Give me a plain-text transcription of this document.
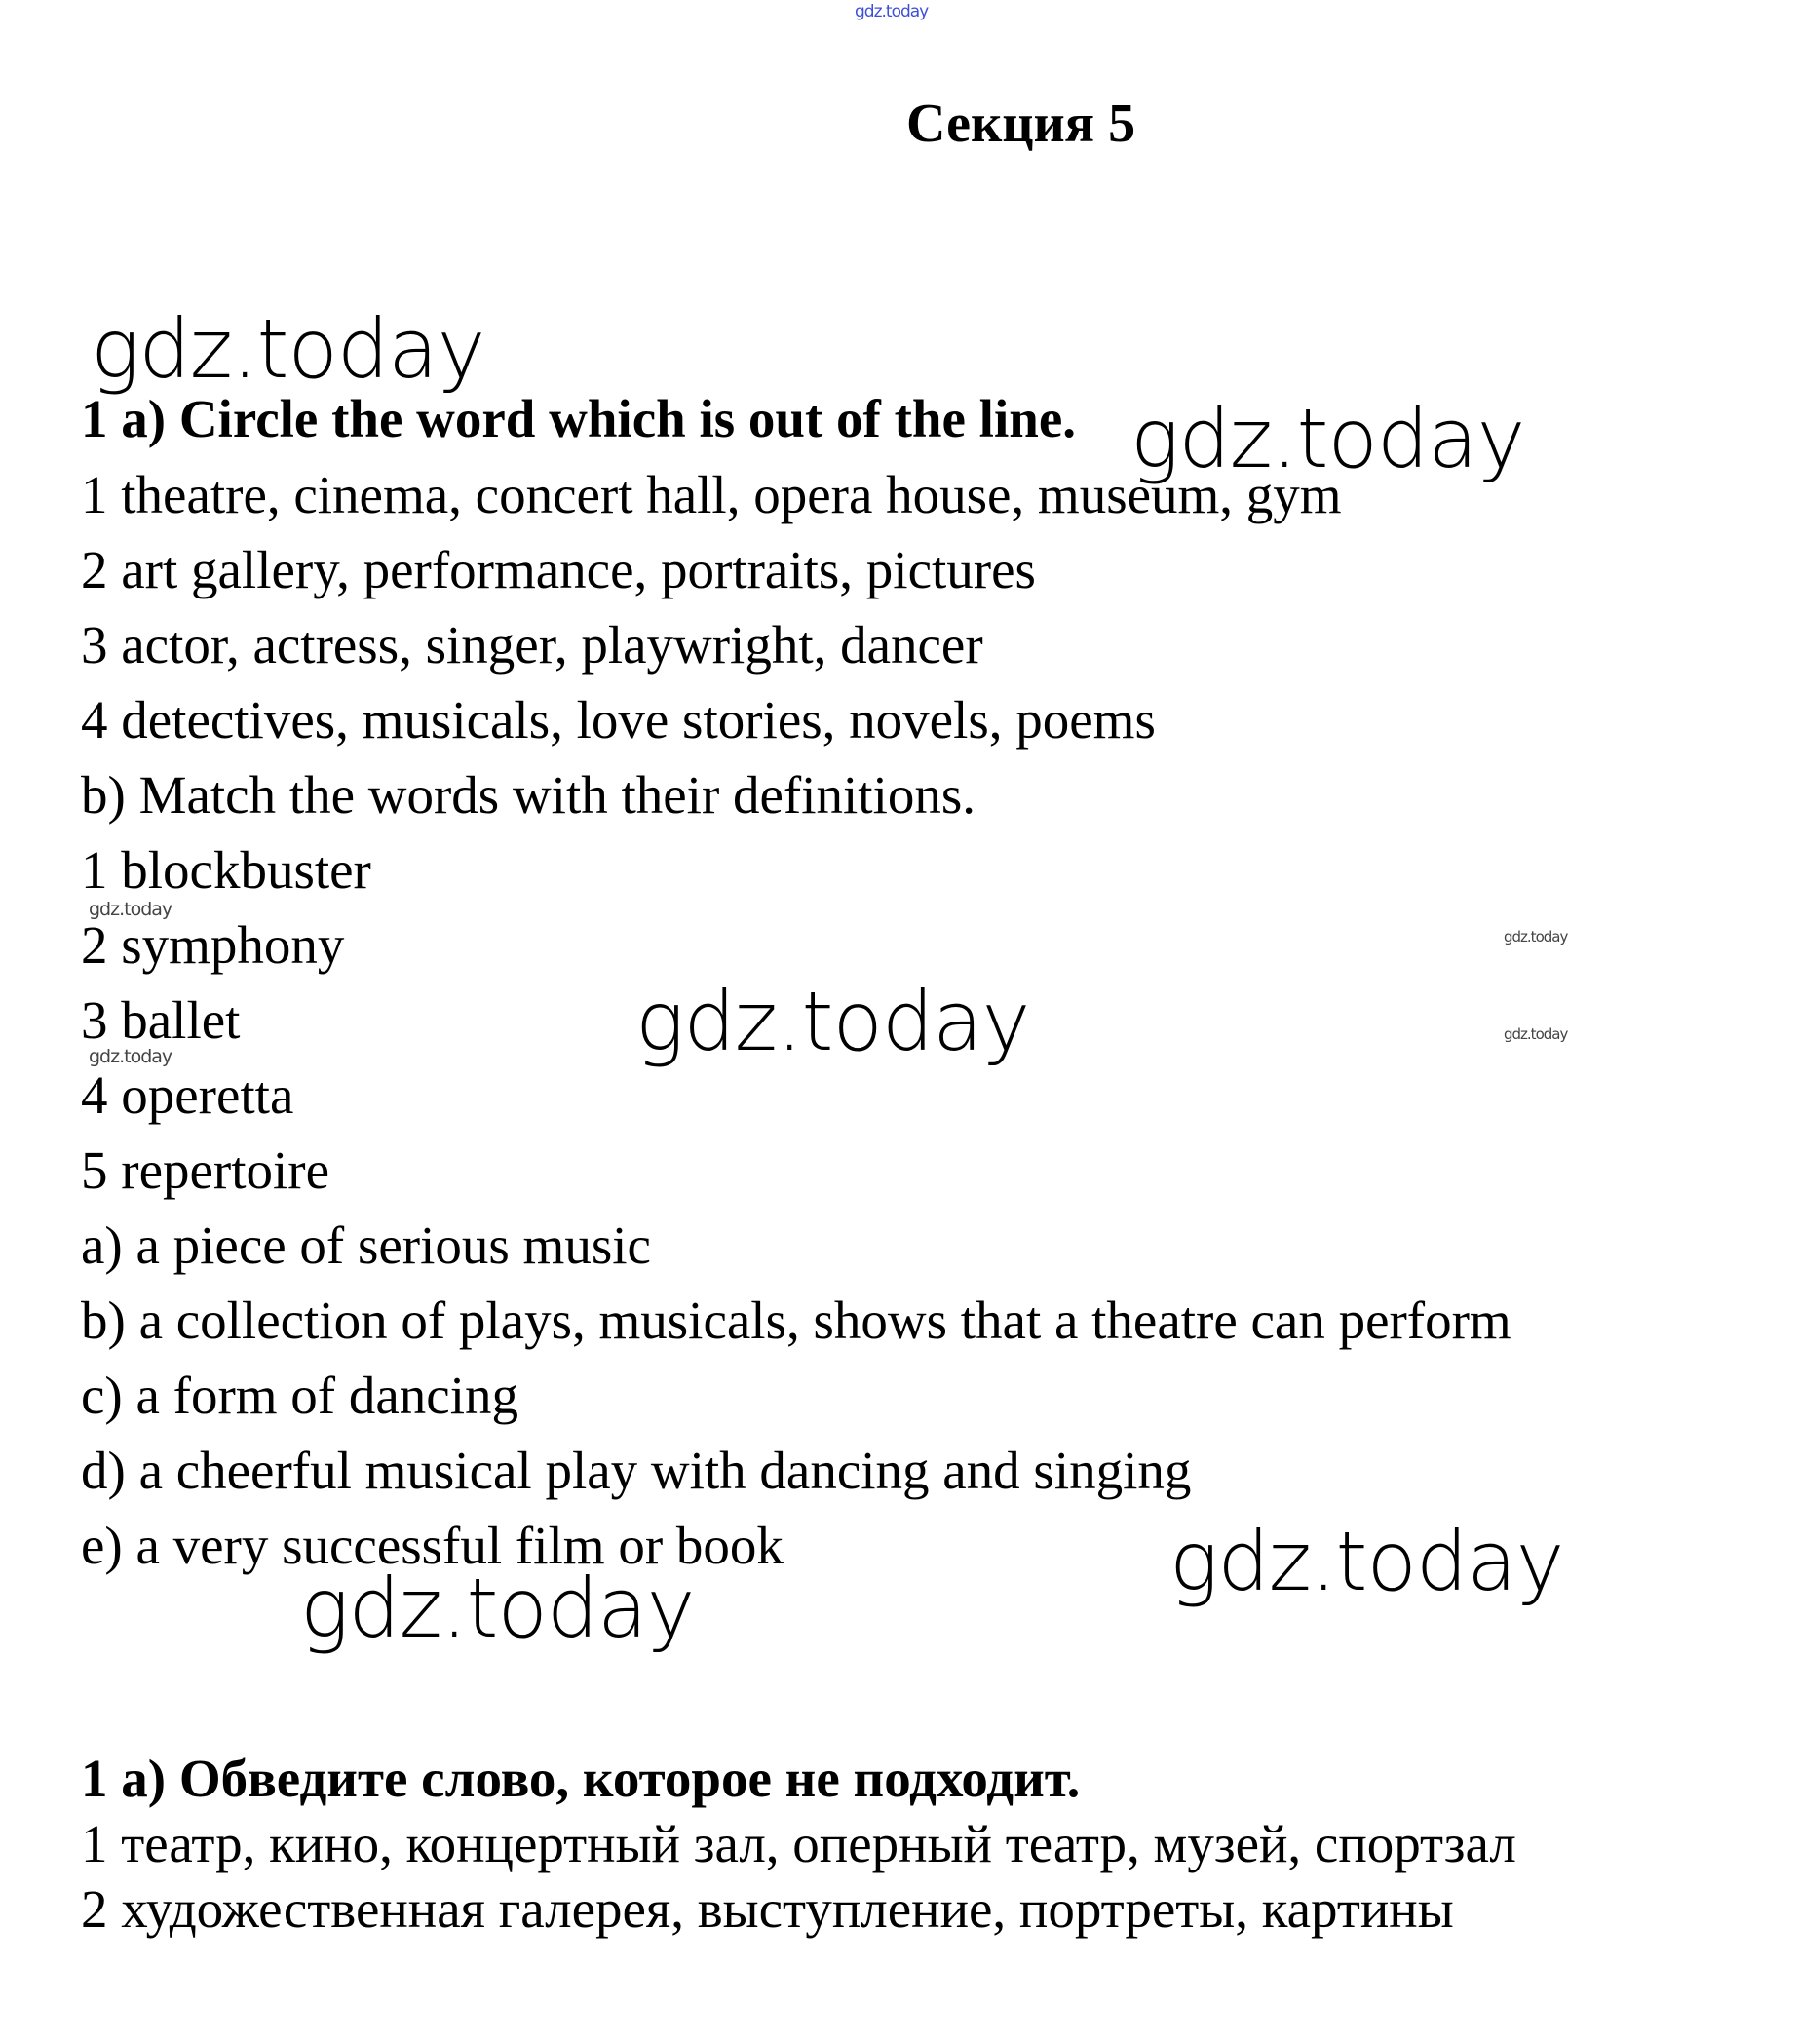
gdz.today
Секция 5
gdz.today
gdz.today
gdz.today
gdz.today
gdz.today
gdz.today
gdz.today
gdz.today
gdz.today
1 a) Circle the word which is out of the line.
1 theatre, cinema, concert hall, opera house, museum, gym
2 art gallery, performance, portraits, pictures
3 actor, actress, singer, playwright, dancer
4 detectives, musicals, love stories, novels, poems
b) Match the words with their definitions.
1 blockbuster
2 symphony
3 ballet
4 operetta
5 repertoire
a) a piece of serious music
b) a collection of plays, musicals, shows that a theatre can perform
c) a form of dancing
d) a cheerful musical play with dancing and singing
e) a very successful film or book
1 а) Обведите слово, которое не подходит.
1 театр, кино, концертный зал, оперный театр, музей, спортзал
2 художественная галерея, выступление, портреты, картины
